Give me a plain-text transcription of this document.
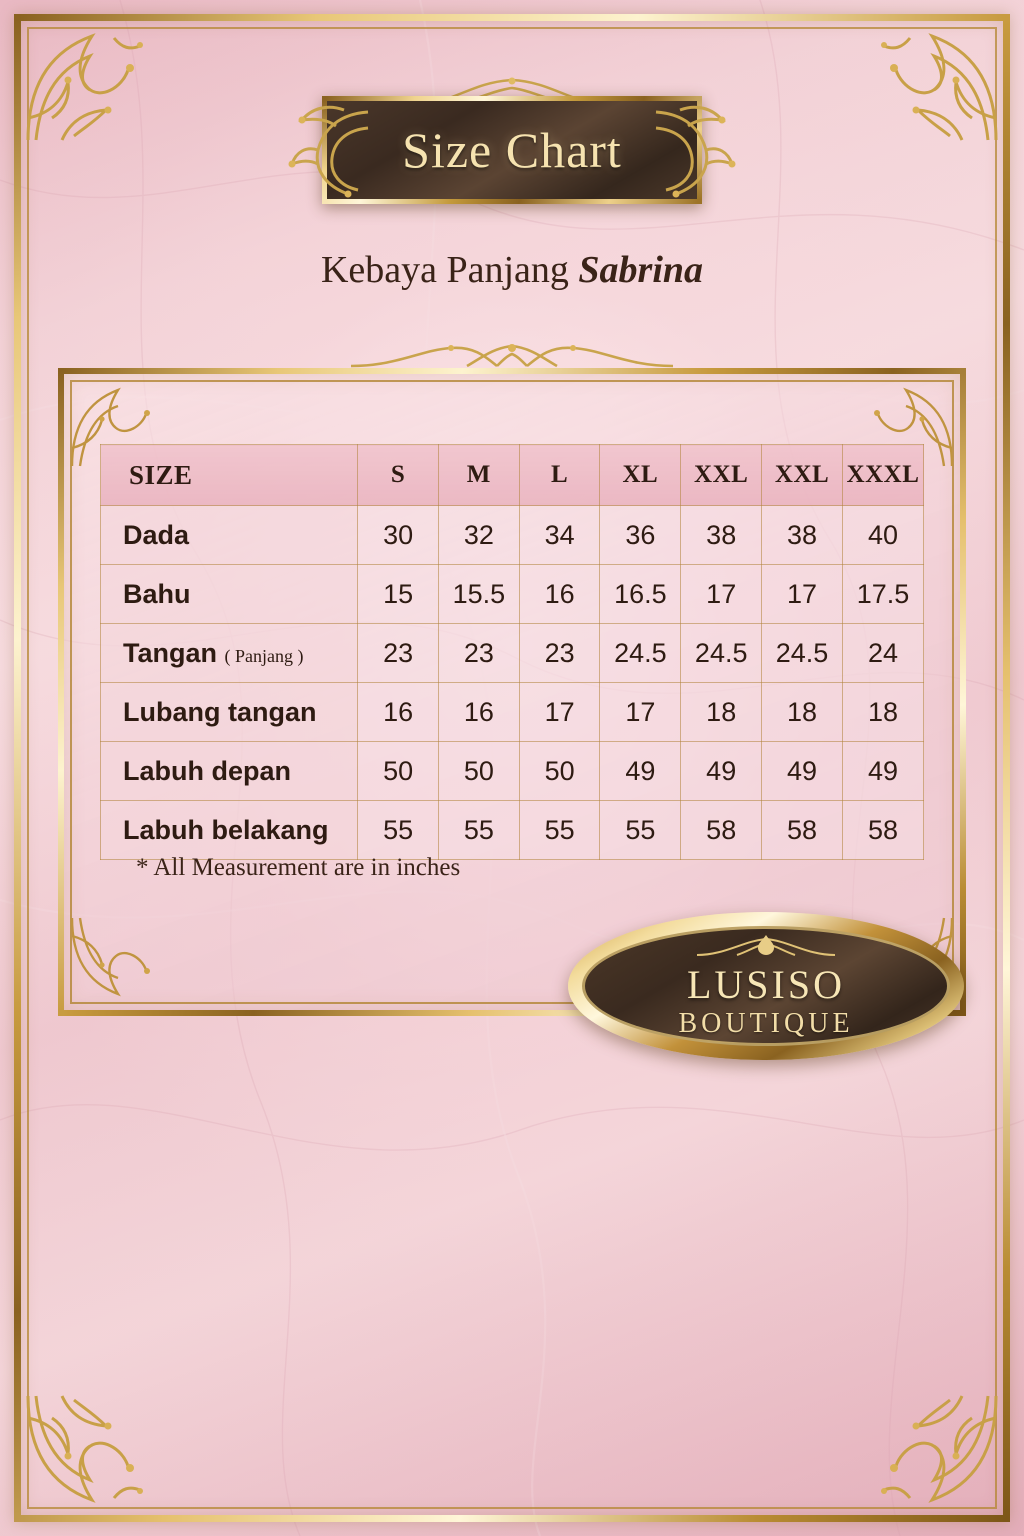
Size Chart
Kebaya Panjang Sabrina
SIZE	S	M	L	XL	XXL	XXL	XXXL
Dada	30	32	34	36	38	38	40
Bahu	15	15.5	16	16.5	17	17	17.5
Tangan ( Panjang )	23	23	23	24.5	24.5	24.5	24
Lubang tangan	16	16	17	17	18	18	18
Labuh depan	50	50	50	49	49	49	49
Labuh belakang	55	55	55	55	58	58	58
* All Measurement are in inches
LUSISO
BOUTIQUE
